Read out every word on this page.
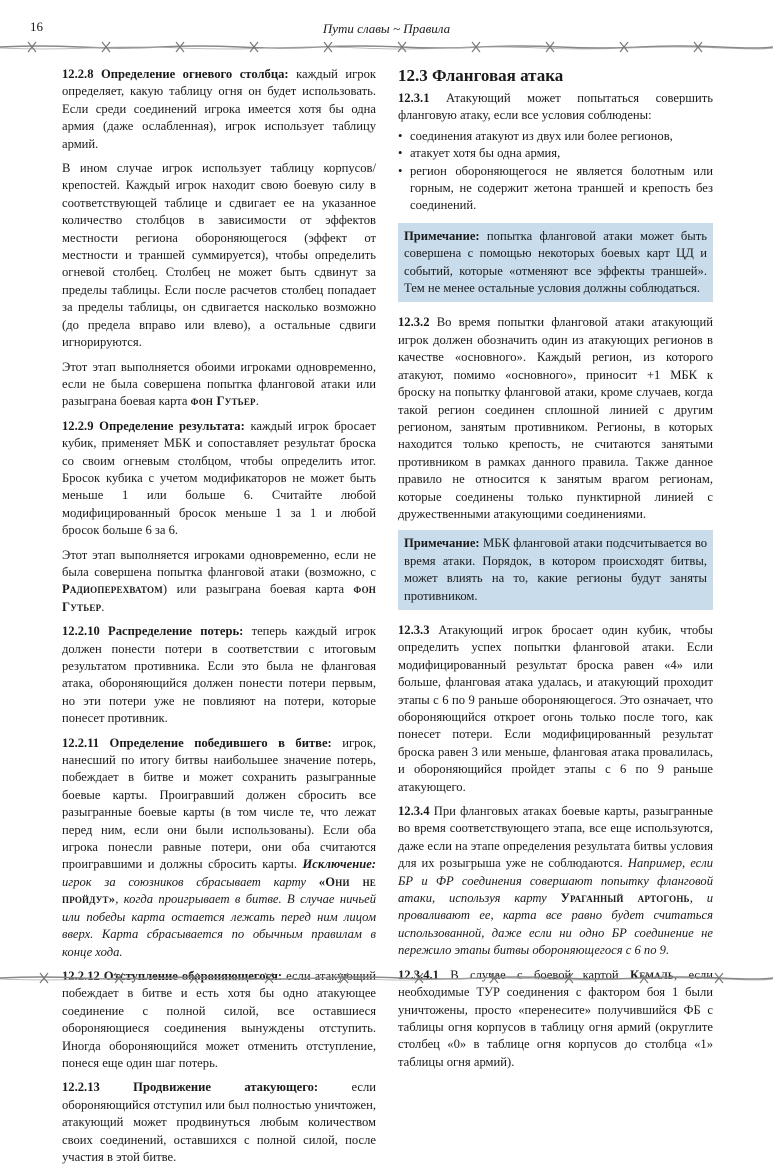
16	Пути славы ~ Правила

12.2.8 Определение огневого столбца: каждый игрок определяет, какую таблицу огня он будет использовать. Если среди соединений игрока имеется хотя бы одна армия (даже ослабленная), игрок использует таблицу армий.

В ином случае игрок использует таблицу корпусов/крепостей. Каждый игрок находит свою боевую силу в соответствующей таблице и сдвигает ее на указанное количество столбцов в зависимости от эффектов местности региона обороняющегося (эффект от местности и траншей суммируется), чтобы определить огневой столбец. Столбец не может быть сдвинут за пределы таблицы. Если после расчетов столбец попадает за пределы таблицы, он сдвигается насколько возможно (до предела вправо или влево), а остальные сдвиги игнорируются.

Этот этап выполняется обоими игроками одновременно, если не была совершена попытка фланговой атаки или разыграна боевая карта фон Гутьер.

12.2.9 Определение результата: каждый игрок бросает кубик, применяет МБК и сопоставляет результат броска со своим огневым столбцом, чтобы определить итог. Бросок кубика с учетом модификаторов не может быть меньше 1 или больше 6. Считайте любой модифицированный бросок меньше 1 за 1 и любой бросок больше 6 за 6.

Этот этап выполняется игроками одновременно, если не была совершена попытка фланговой атаки (возможно, с Радиоперехватом) или разыграна боевая карта фон Гутьер.

12.2.10 Распределение потерь: теперь каждый игрок должен понести потери в соответствии с итоговым результатом противника. Если это была не фланговая атака, обороняющийся должен понести потери первым, но эти потери уже не повлияют на потери, которые понесет противник.

12.2.11 Определение победившего в битве: игрок, нанесший по итогу битвы наибольшее значение потерь, побеждает в битве и может сохранить разыгранные боевые карты. Проигравший должен сбросить все разыгранные боевые карты (в том числе те, что лежат перед ним, если они были использованы). Если оба игрока понесли равные потери, они оба считаются проигравшими и должны сбросить карты. Исключение: игрок за союзников сбрасывает карту «Они не пройдут», когда проигрывает в битве. В случае ничьей или победы карта остается лежать перед ним лицом вверх. Карта сбрасывается по обычным правилам в конце хода.

12.2.12 Отступление обороняющегося: если атакующий побеждает в битве и есть хотя бы одно атакующее соединение с полной силой, все оставшиеся обороняющиеся соединения вынуждены отступить. Иногда обороняющийся может отменить отступление, понеся еще один шаг потерь.

12.2.13 Продвижение атакующего: если обороняющийся отступил или был полностью уничтожен, атакующий может продвинуться любым количеством своих соединений, оставшихся с полной силой, после участия в этой битве.

12.3 Фланговая атака

12.3.1 Атакующий может попытаться совершить фланговую атаку, если все условия соблюдены:

• соединения атакуют из двух или более регионов,
• атакует хотя бы одна армия,
• регион обороняющегося не является болотным или горным, не содержит жетона траншей и крепость без соединений.
Примечание: попытка фланговой атаки может быть совершена с помощью некоторых боевых карт ЦД и событий, которые «отменяют все эффекты траншей». Тем не менее остальные условия должны соблюдаться.

12.3.2 Во время попытки фланговой атаки атакующий игрок должен обозначить один из атакующих регионов в качестве «основного». Каждый регион, из которого атакуют, помимо «основного», приносит +1 МБК к броску на попытку фланговой атаки, кроме случаев, когда такой регион соединен сплошной линией с другим регионом, занятым противником. Регионы, в которых находится только крепость, не считаются занятыми противником в рамках данного правила. Также данное правило не относится к занятым врагом регионам, которые соединены только пунктирной линией с дружественными атакующими соединениями.

Примечание: МБК фланговой атаки подсчитывается во время атаки. Порядок, в котором происходят битвы, может влиять на то, какие регионы будут заняты противником.

12.3.3 Атакующий игрок бросает один кубик, чтобы определить успех попытки фланговой атаки. Если модифицированный результат броска равен «4» или больше, фланговая атака удалась, и атакующий проходит этапы с 6 по 9 раньше обороняющегося. Это означает, что обороняющийся откроет огонь только после того, как понесет потери. Если модифицированный результат броска равен 3 или меньше, фланговая атака провалилась, и обороняющийся пройдет этапы с 6 по 9 раньше атакующего.

12.3.4 При фланговых атаках боевые карты, разыгранные во время соответствующего этапа, все еще используются, даже если на этапе определения результата битвы условия для их розыгрыша уже не соблюдаются. Например, если БР и ФР соединения совершают попытку фланговой атаки, используя карту Ураганный артогонь, и проваливают ее, карта все равно будет считаться использованной, даже если ни одно БР соединение не пережило этапы битвы обороняющегося с 6 по 9.

12.3.4.1 В случае с боевой картой Кемаль, если необходимые ТУР соединения с фактором боя 1 были уничтожены, просто «перенесите» получившийся ФБ с таблицы огня корпусов в таблицу огня армий (округлите столбец «0» в таблице огня корпусов до столбца «1» таблицы огня армий).
